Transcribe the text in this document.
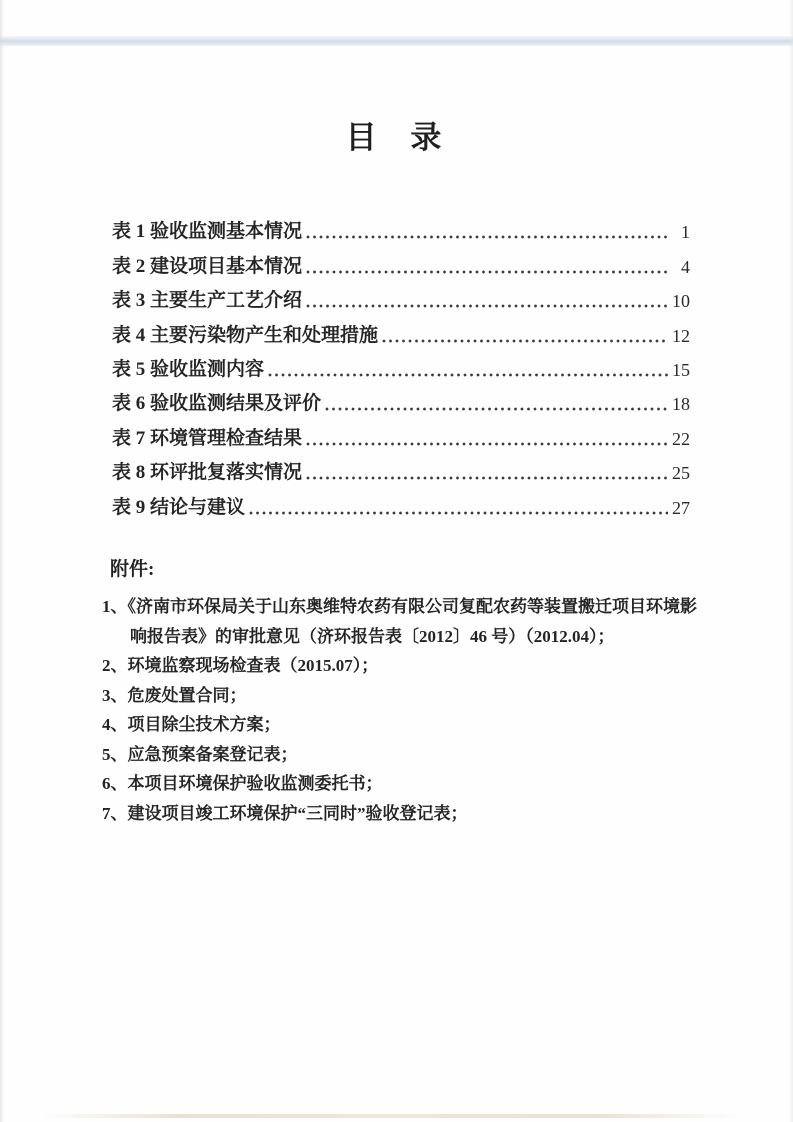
目 录
表 1 验收监测基本情况	1
表 2 建设项目基本情况	4
表 3 主要生产工艺介绍	10
表 4 主要污染物产生和处理措施	12
表 5 验收监测内容	15
表 6 验收监测结果及评价	18
表 7 环境管理检查结果	22
表 8 环评批复落实情况	25
表 9 结论与建议	27
附件:

1、《济南市环保局关于山东奥维特农药有限公司复配农药等装置搬迁项目环境影响报告表》的审批意见（济环报告表〔2012〕46 号）（2012.04）；

2、环境监察现场检查表（2015.07）；

3、危废处置合同；

4、项目除尘技术方案；

5、应急预案备案登记表；

6、本项目环境保护验收监测委托书；

7、建设项目竣工环境保护“三同时”验收登记表；
